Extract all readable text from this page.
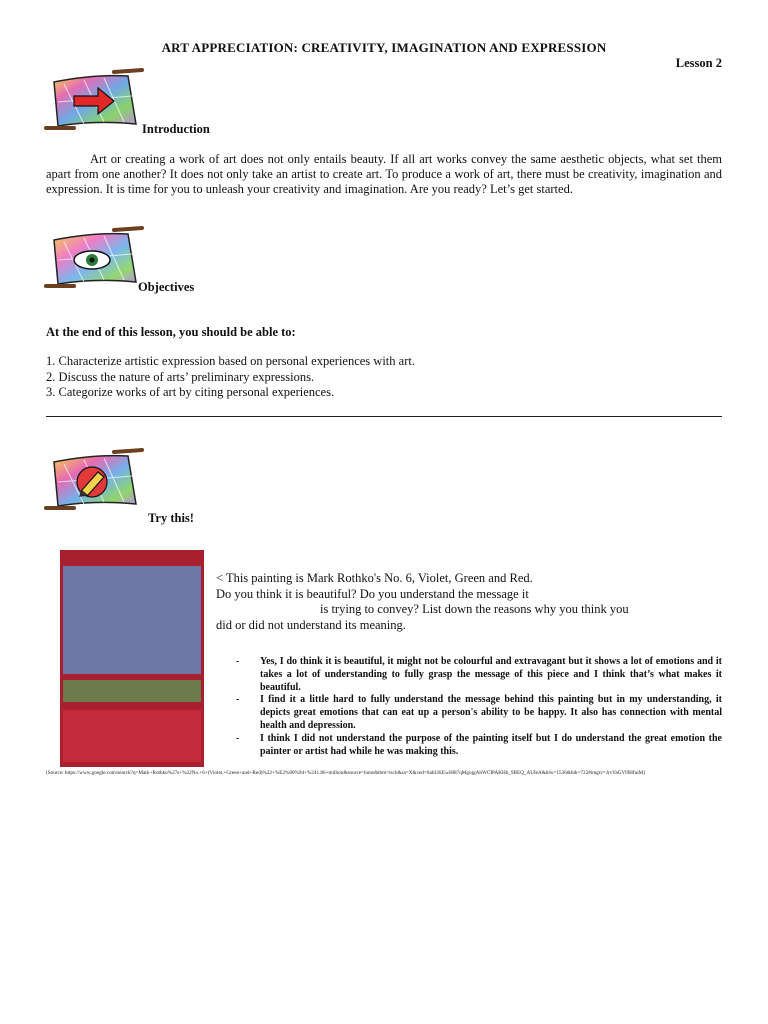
ART APPRECIATION: CREATIVITY, IMAGINATION AND EXPRESSION
Lesson 2
Introduction
Art or creating a work of art does not only entails beauty. If all art works convey the same aesthetic objects, what set them apart from one another? It does not only take an artist to create art. To produce a work of art, there must be creativity, imagination and expression. It is time for you to unleash your creativity and imagination. Are you ready? Let’s get started.
Objectives
At the end of this lesson, you should be able to:
1. Characterize artistic expression based on personal experiences with art.
2. Discuss the nature of arts’ preliminary expressions.
3. Categorize works of art by citing personal experiences.
Try this!
< This painting is Mark Rothko's No. 6, Violet, Green and Red.
Do you think it is beautiful? Do you understand the message it
is trying to convey? List down the reasons why you think you
did or did not understand its meaning.
- Yes, I do think it is beautiful, it might not be colourful and extravagant but it shows a lot of emotions and it takes a lot of understanding to fully grasp the message of this piece and I think that’s what makes it beautiful.
- I find it a little hard to fully understand the message behind this painting but in my understanding, it depicts great emotions that can eat up a person's ability to be happy. It also has connection with mental health and depression.
- I think I did not understand the purpose of the painting itself but I do understand the great emotion the painter or artist had while he was making this.
(Source: https://www.google.com/search?q=Mark+Rothko%27s+%22No.+6+(Violet,+Green+and+Red)%22+%E2%80%94+%241.86+million&source=lnms&tbm=isch&sa=X&ved=0ahUKEwiH87qMgojgAhWCIPAKHb_9BEQ_AUIeA&biw=1536&bih=722#imgrc=JrvVaGVl9HfuiM)
